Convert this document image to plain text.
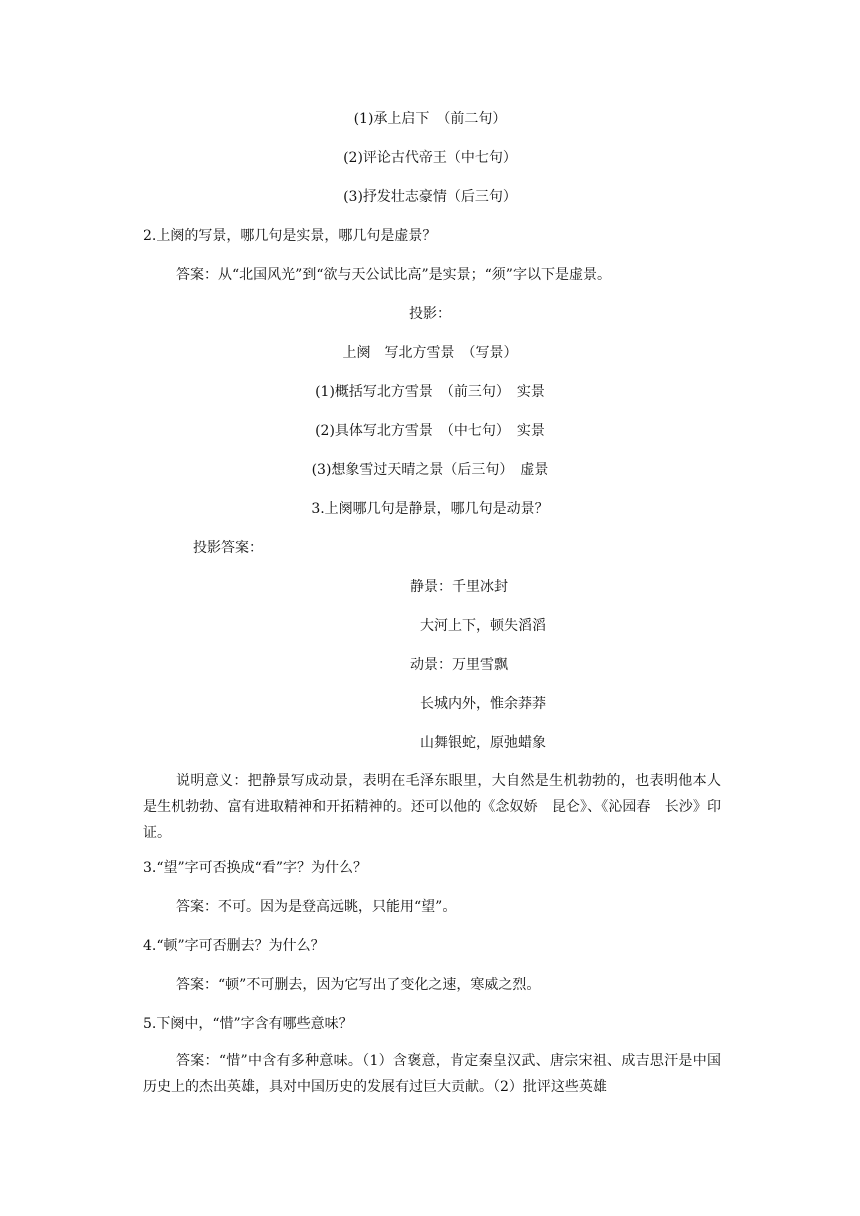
(1)承上启下　（前二句）
(2)评论古代帝王（中七句）
(3)抒发壮志豪情（后三句）
2.上阕的写景，哪几句是实景，哪几句是虚景？
答案：从“北国风光”到“欲与天公试比高”是实景；“须”字以下是虚景。
投影：
上阕　写北方雪景　（写景）
(1)概括写北方雪景　（前三句）　实景
(2)具体写北方雪景　（中七句）　实景
(3)想象雪过天晴之景（后三句）　虚景
3.上阕哪几句是静景，哪几句是动景？
投影答案：
静景：千里冰封
大河上下，顿失滔滔
动景：万里雪飘
长城内外，惟余莽莽
山舞银蛇，原弛蜡象
说明意义：把静景写成动景，表明在毛泽东眼里，大自然是生机勃勃的，也表明他本人是生机勃勃、富有进取精神和开拓精神的。还可以他的《念奴娇　昆仑》、《沁园春　长沙》印证。
3.“望”字可否换成“看”字？为什么？
答案：不可。因为是登高远眺，只能用“望”。
4.“顿”字可否删去？为什么？
答案：“顿”不可删去，因为它写出了变化之速，寒威之烈。
5.下阕中，“惜”字含有哪些意味？
答案：“惜”中含有多种意味。（1）含褒意，肯定秦皇汉武、唐宗宋祖、成吉思汗是中国历史上的杰出英雄，具对中国历史的发展有过巨大贡献。（2）批评这些英雄
